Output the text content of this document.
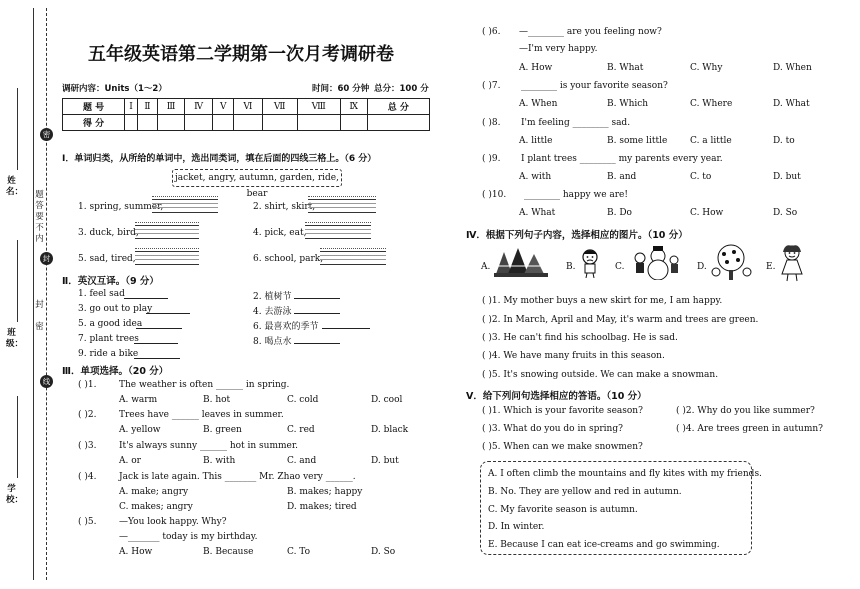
密
封
线
题
答
要
不
内
封

密
姓名：
班级：
学校：
五年级英语第二学期第一次月考调研卷
调研内容：Units（1～2）	时间：60 分钟 总分：100 分
题 号	Ⅰ	Ⅱ	Ⅲ	Ⅳ	Ⅴ	Ⅵ	Ⅶ	Ⅷ	Ⅸ	总 分
得 分										
Ⅰ．单词归类，从所给的单词中，选出同类词，填在后面的四线三格上。（6 分）
jacket, angry, autumn, garden, ride, bear
1. spring, summer,	2. shirt, skirt,
3. duck, bird,	4. pick, eat,
5. sad, tired,	6. school, park,
Ⅱ．英汉互译。（9 分）
1. feel sad	2. 植树节
3. go out to play	4. 去游泳
5. a good idea	6. 最喜欢的季节
7. plant trees	8. 喝点水
9. ride a bike
Ⅲ．单项选择。（20 分）
( )1.	The weather is often ______ in spring.
A. warm	B. hot	C. cold	D. cool
( )2.	Trees have ______ leaves in summer.
A. yellow	B. green	C. red	D. black
( )3.	It's always sunny ______ hot in summer.
A. or	B. with	C. and	D. but
( )4.	Jack is late again. This _______ Mr. Zhao very ______.
A. make; angry	B. makes; happy
C. makes; angry	D. makes; tired
( )5.	—You look happy. Why?
—_______ today is my birthday.
A. How	B. Because	C. To	D. So
( )6. —________ are you feeling now?
—I'm very happy.
A. How	B. What	C. Why	D. When
( )7. ________ is your favorite season?
A. When	B. Which	C. Where	D. What
( )8. I'm feeling ________ sad.
A. little	B. some little	C. a little	D. to
( )9. I plant trees ________ my parents every year.
A. with	B. and	C. to	D. but
( )10. ________ happy we are!
A. What	B. Do	C. How	D. So
Ⅳ．根据下列句子内容，选择相应的图片。（10 分）
A.	B.	C.	D.	E.
( )1. My mother buys a new skirt for me, I am happy.
( )2. In March, April and May, it's warm and trees are green.
( )3. He can't find his schoolbag. He is sad.
( )4. We have many fruits in this season.
( )5. It's snowing outside. We can make a snowman.
Ⅴ．给下列问句选择相应的答语。（10 分）
( )1. Which is your favorite season?	( )2. Why do you like summer?
( )3. What do you do in spring?	( )4. Are trees green in autumn?
( )5. When can we make snowmen?
A. I often climb the mountains and fly kites with my friends.
B. No. They are yellow and red in autumn.
C. My favorite season is autumn.
D. In winter.
E. Because I can eat ice-creams and go swimming.
